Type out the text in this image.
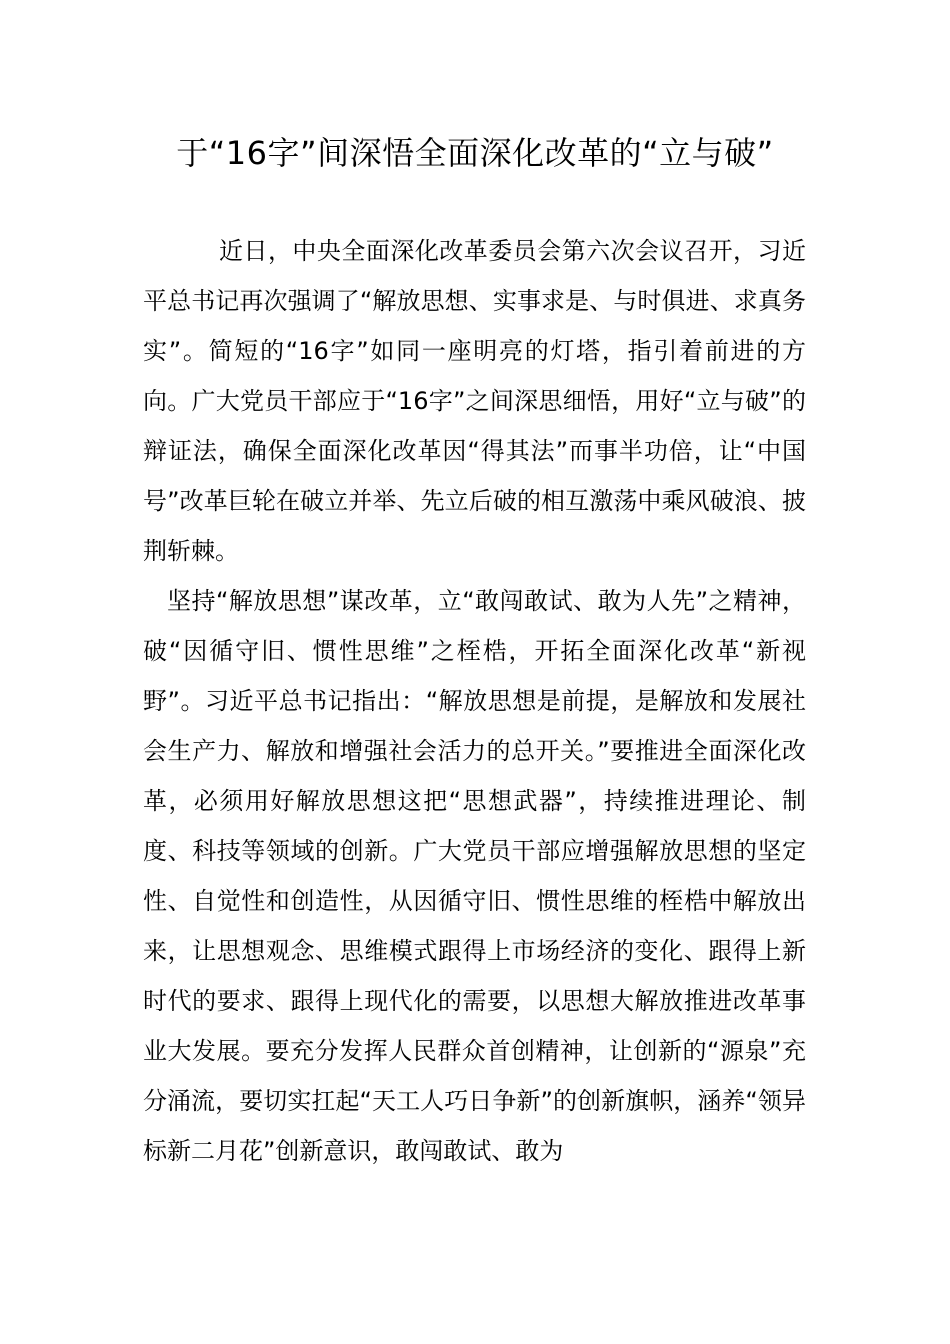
于“16字”间深悟全面深化改革的“立与破”

近日，中央全面深化改革委员会第六次会议召开，习近平总书记再次强调了“解放思想、实事求是、与时俱进、求真务实”。简短的“16字”如同一座明亮的灯塔，指引着前进的方向。广大党员干部应于“16字”之间深思细悟，用好“立与破”的辩证法，确保全面深化改革因“得其法”而事半功倍，让“中国号”改革巨轮在破立并举、先立后破的相互激荡中乘风破浪、披荆斩棘。

坚持“解放思想”谋改革，立“敢闯敢试、敢为人先”之精神，破“因循守旧、惯性思维”之桎梏，开拓全面深化改革“新视野”。习近平总书记指出：“解放思想是前提，是解放和发展社会生产力、解放和增强社会活力的总开关。”要推进全面深化改革，必须用好解放思想这把“思想武器”，持续推进理论、制度、科技等领域的创新。广大党员干部应增强解放思想的坚定性、自觉性和创造性，从因循守旧、惯性思维的桎梏中解放出来，让思想观念、思维模式跟得上市场经济的变化、跟得上新时代的要求、跟得上现代化的需要，以思想大解放推进改革事业大发展。要充分发挥人民群众首创精神，让创新的“源泉”充分涌流，要切实扛起“天工人巧日争新”的创新旗帜，涵养“领异标新二月花”创新意识，敢闯敢试、敢为
